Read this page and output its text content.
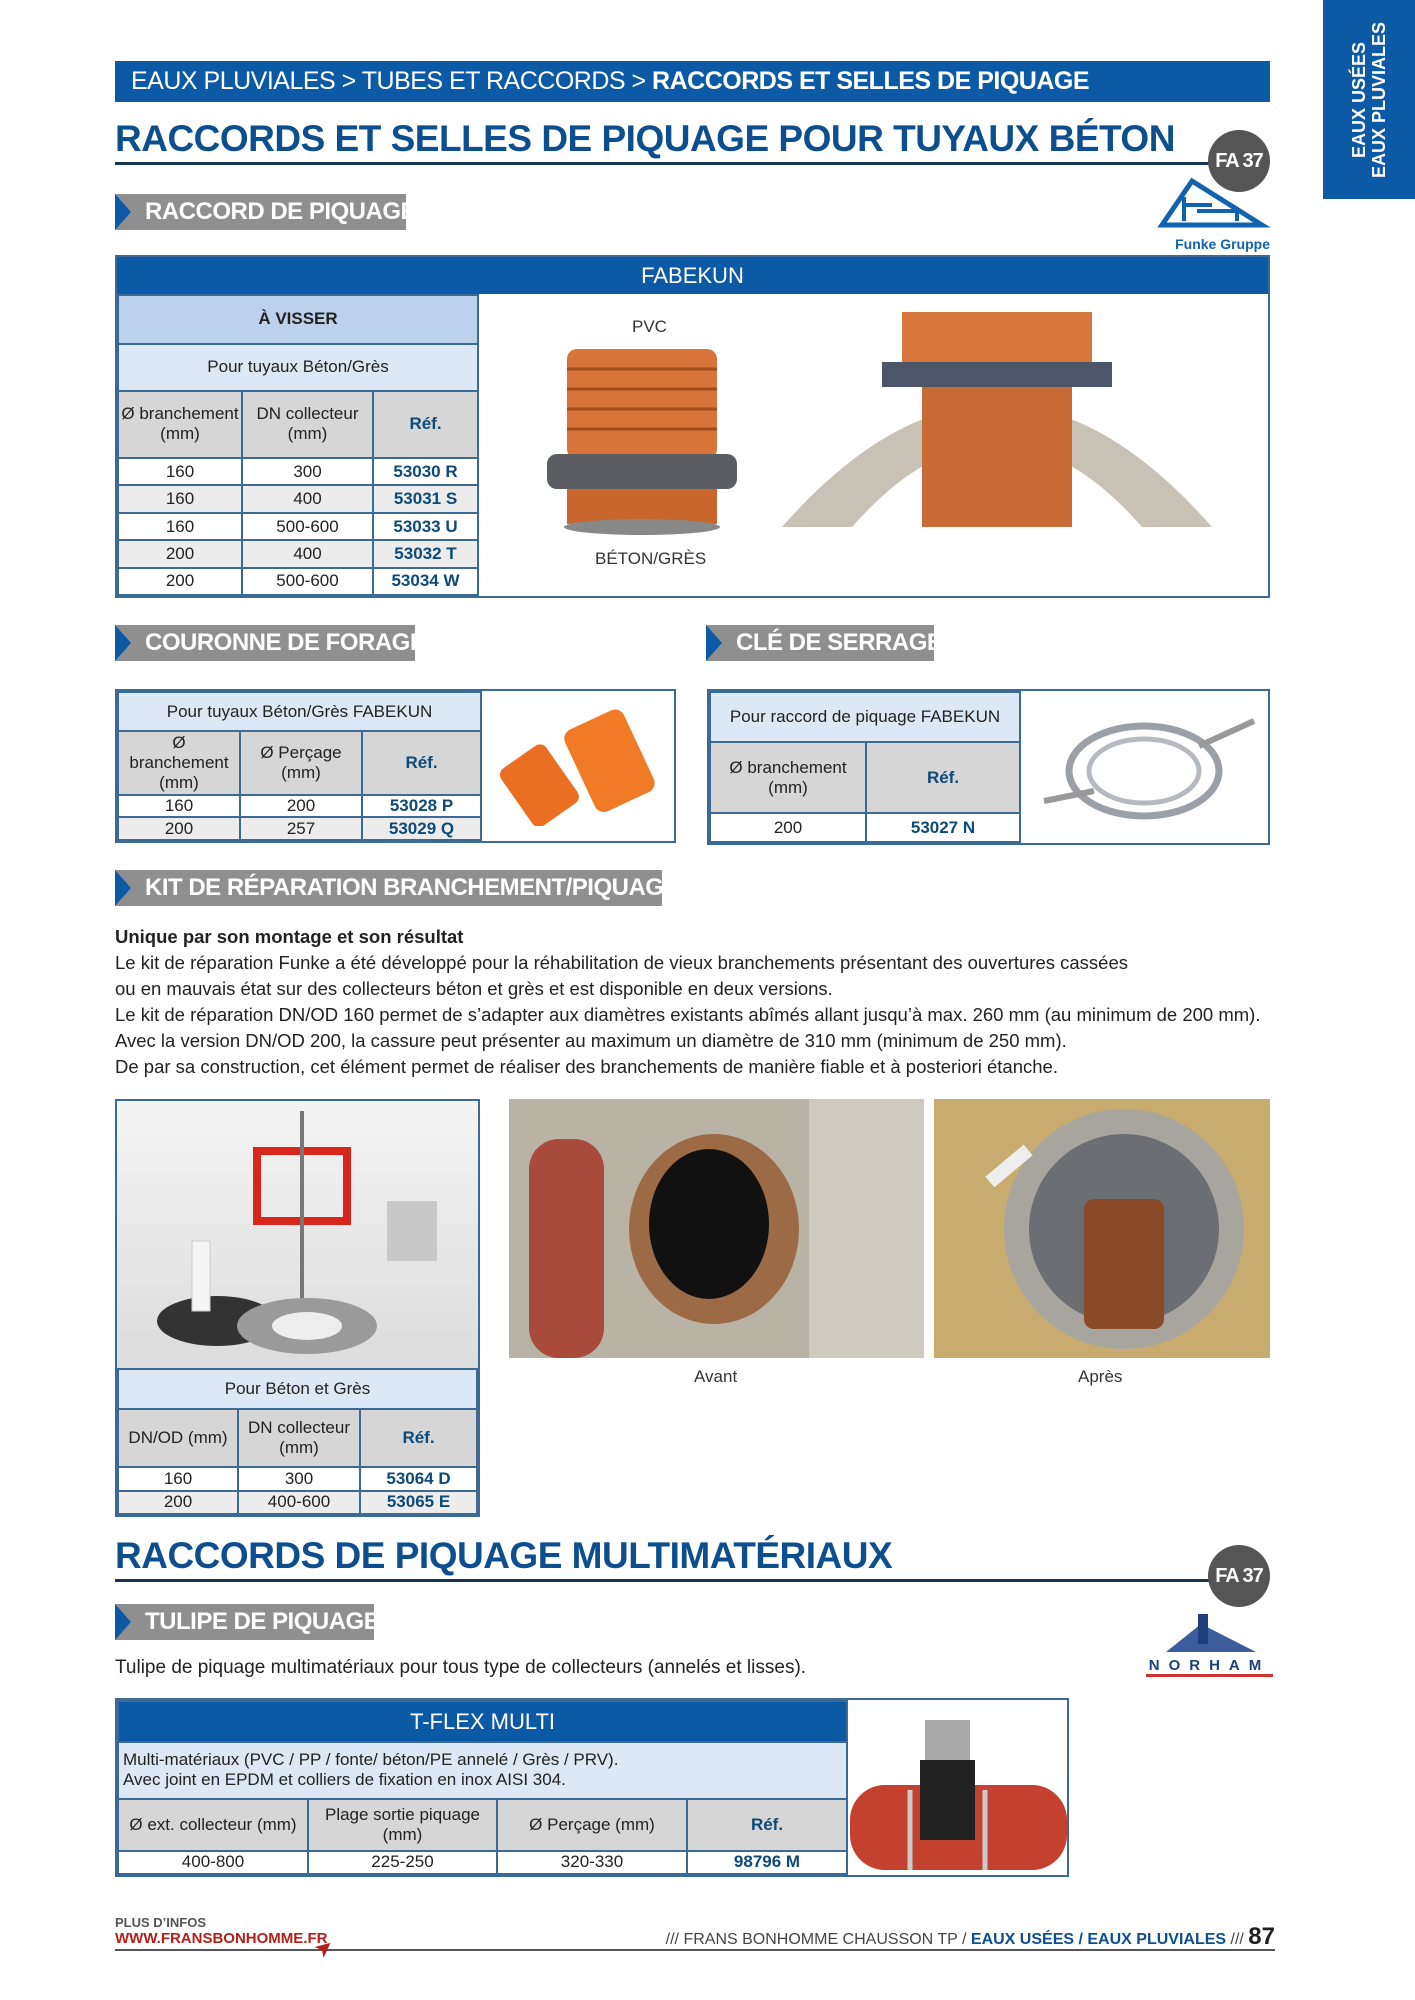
EAUX PLUVIALES > TUBES ET RACCORDS > RACCORDS ET SELLES DE PIQUAGE	EAUX USÉES
EAUX PLUVIALES
RACCORDS ET SELLES DE PIQUAGE POUR TUYAUX BÉTON
FA 37
Funke Gruppe
RACCORD DE PIQUAGE
FABEKUN
À VISSER		
Pour tuyaux Béton/Grès		
Ø branchement (mm)	DN collecteur (mm)	Réf.
160	300	53030 R
160	400	53031 S
160	500-600	53033 U
200	400	53032 T
200	500-600	53034 W
PVC
BÉTON/GRÈS
COURONNE DE FORAGE	CLÉ DE SERRAGE
Pour tuyaux Béton/Grès FABEKUN		
Ø branchement (mm)	Ø Perçage (mm)	Réf.
160	200	53028 P
200	257	53029 Q
Pour raccord de piquage FABEKUN	
Ø branchement (mm)	Réf.
200	53027 N
KIT DE RÉPARATION BRANCHEMENT/PIQUAGE

Unique par son montage et son résultat

Le kit de réparation Funke a été développé pour la réhabilitation de vieux branchements présentant des ouvertures cassées

ou en mauvais état sur des collecteurs béton et grès et est disponible en deux versions.

Le kit de réparation DN/OD 160 permet de s’adapter aux diamètres existants abîmés allant jusqu’à max. 260 mm (au minimum de 200 mm).

Avec la version DN/OD 200, la cassure peut présenter au maximum un diamètre de 310 mm (minimum de 250 mm).

De par sa construction, cet élément permet de réaliser des branchements de manière fiable et à posteriori étanche.

Pour Béton et Grès		
DN/OD (mm)	DN collecteur (mm)	Réf.
160	300	53064 D
200	400-600	53065 E
Avant	Après
RACCORDS DE PIQUAGE MULTIMATÉRIAUX	FA 37
NORHAM
TULIPE DE PIQUAGE
Tulipe de piquage multimatériaux pour tous type de collecteurs (annelés et lisses).
T-FLEX MULTI			

Multi-matériaux (PVC / PP / fonte/ béton/PE annelé / Grès / PRV).
Avec joint en EPDM et colliers de fixation en inox AISI 304.			

Ø ext. collecteur (mm)	Plage sortie piquage (mm)	Ø Perçage (mm)	Réf.
400-800	225-250	320-330	98796 M
PLUS D’INFOS
WWW.FRANSBONHOMME.FR
➤	/// FRANS BONHOMME CHAUSSON TP / EAUX USÉES / EAUX PLUVIALES /// 87
